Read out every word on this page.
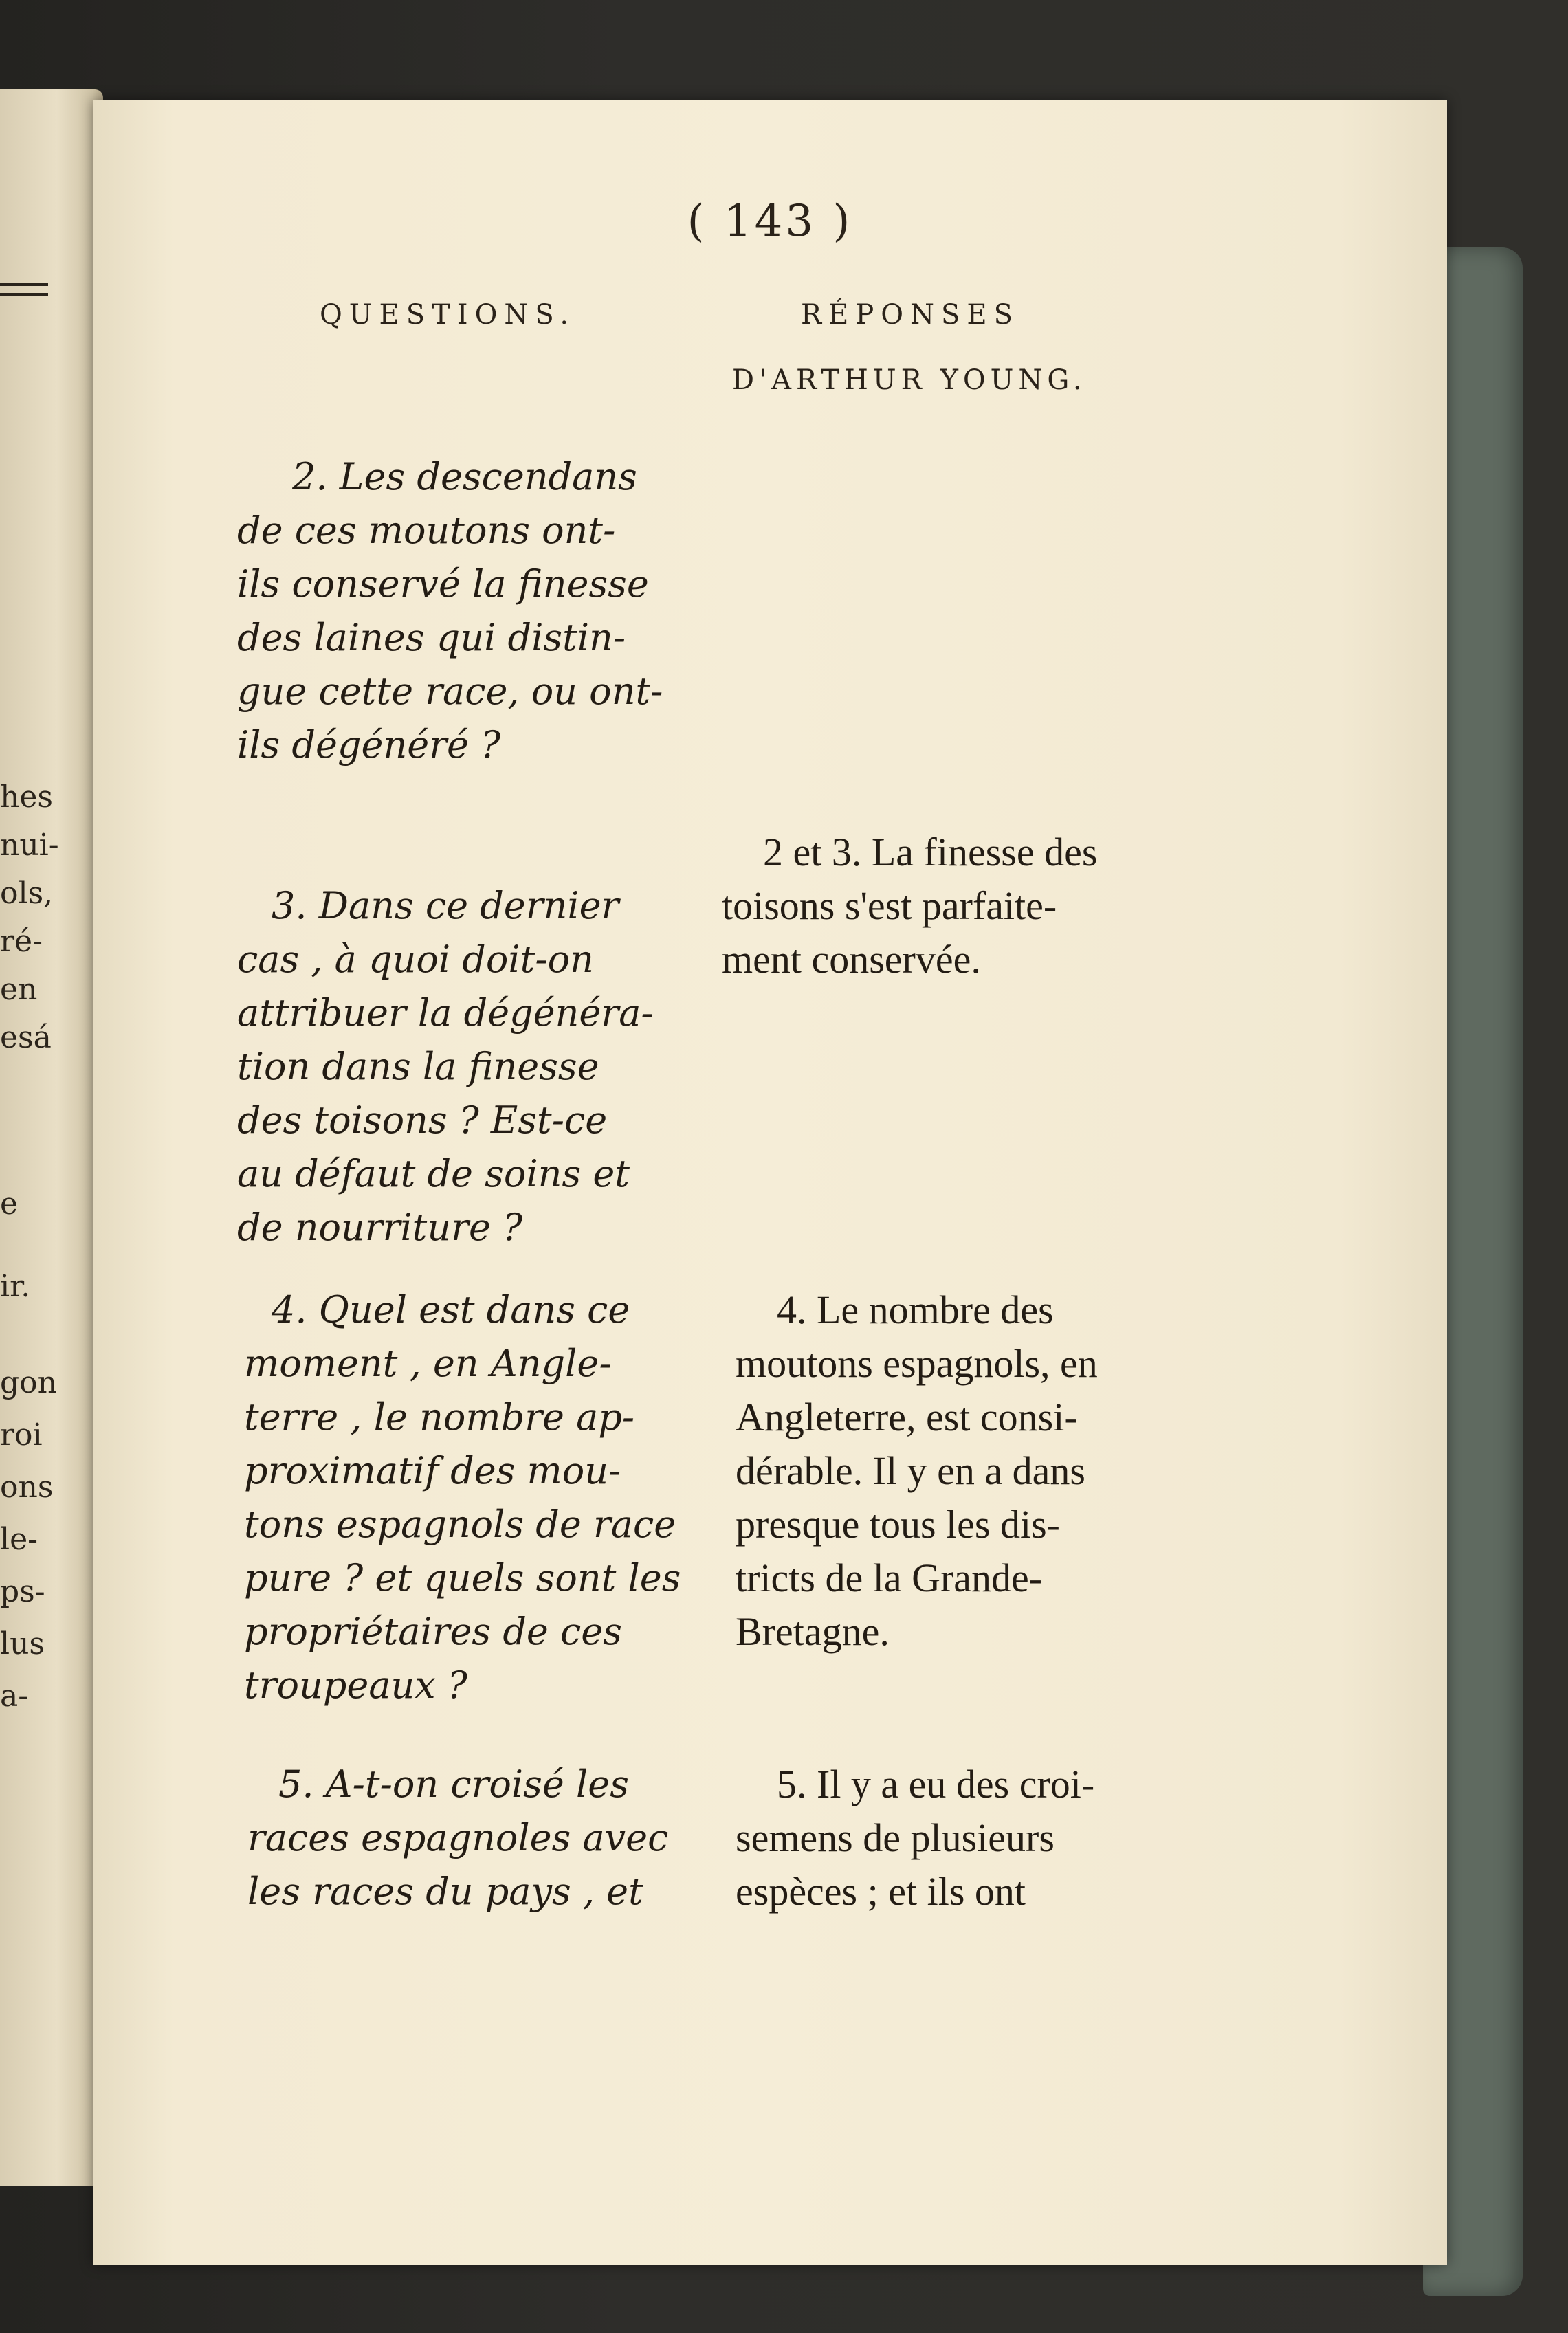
hes
nui-
ols,
ré-
en
esá
e
ir.
gon
roi
ons
le-
ps-
lus
a-
( 143 )
QUESTIONS.	RÉPONSES
D'ARTHUR YOUNG.
2. Les descendans
de ces moutons ont-
ils conservé la finesse
des laines qui distin-
gue cette race, ou ont-
ils dégénéré ?
3. Dans ce dernier
cas , à quoi doit-on
attribuer la dégénéra-
tion dans la finesse
des toisons ? Est-ce
au défaut de soins et
de nourriture ?
4. Quel est dans ce
moment , en Angle-
terre , le nombre ap-
proximatif des mou-
tons espagnols de race
pure ? et quels sont les
propriétaires de ces
troupeaux ?
5. A-t-on croisé les
races espagnoles avec
les races du pays , et
2 et 3. La finesse des
toisons s'est parfaite-
ment conservée.
4. Le nombre des
moutons espagnols, en
Angleterre, est consi-
dérable. Il y en a dans
presque tous les dis-
tricts de la Grande-
Bretagne.
5. Il y a eu des croi-
semens de plusieurs
espèces ; et ils ont
